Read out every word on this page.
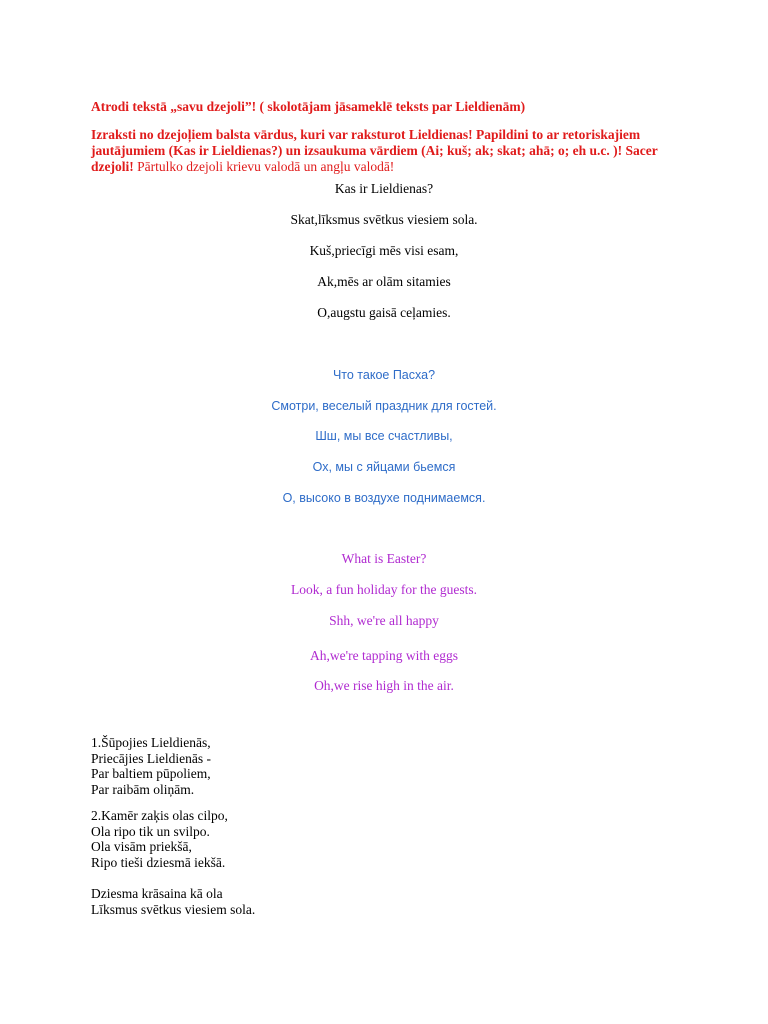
Atrodi tekstā „savu dzejoli”! ( skolotājam jāsameklē teksts par Lieldienām)
Izraksti no dzejoļiem balsta vārdus, kuri var raksturot Lieldienas! Papildini to ar retoriskajiem jautājumiem (Kas ir Lieldienas?) un izsaukuma vārdiem (Ai; kuš; ak; skat; ahā; o; eh u.c. )! Sacer dzejoli! Pārtulko dzejoli krievu valodā un angļu valodā!
Kas ir Lieldienas?
Skat,līksmus svētkus viesiem sola.
Kuš,priecīgi mēs visi esam,
Ak,mēs ar olām sitamies
O,augstu gaisā ceļamies.
Что такое Пасха?
Смотри, веселый праздник для гостей.
Шш, мы все счастливы,
Ох, мы с яйцами бьемся
О, высоко в воздухе поднимаемся.
What is Easter?
Look, a fun holiday for the guests.
Shh, we're all happy
Ah,we're tapping with eggs
Oh,we rise high in the air.
1.Šūpojies Lieldienās,
Priecājies Lieldienās -
Par baltiem pūpoliem,
Par raibām oliņām.
2.Kamēr zaķis olas cilpo,
Ola ripo tik un svilpo.
Ola visām priekšā,
Ripo tieši dziesmā iekšā.
Dziesma krāsaina kā ola
Līksmus svētkus viesiem sola.
